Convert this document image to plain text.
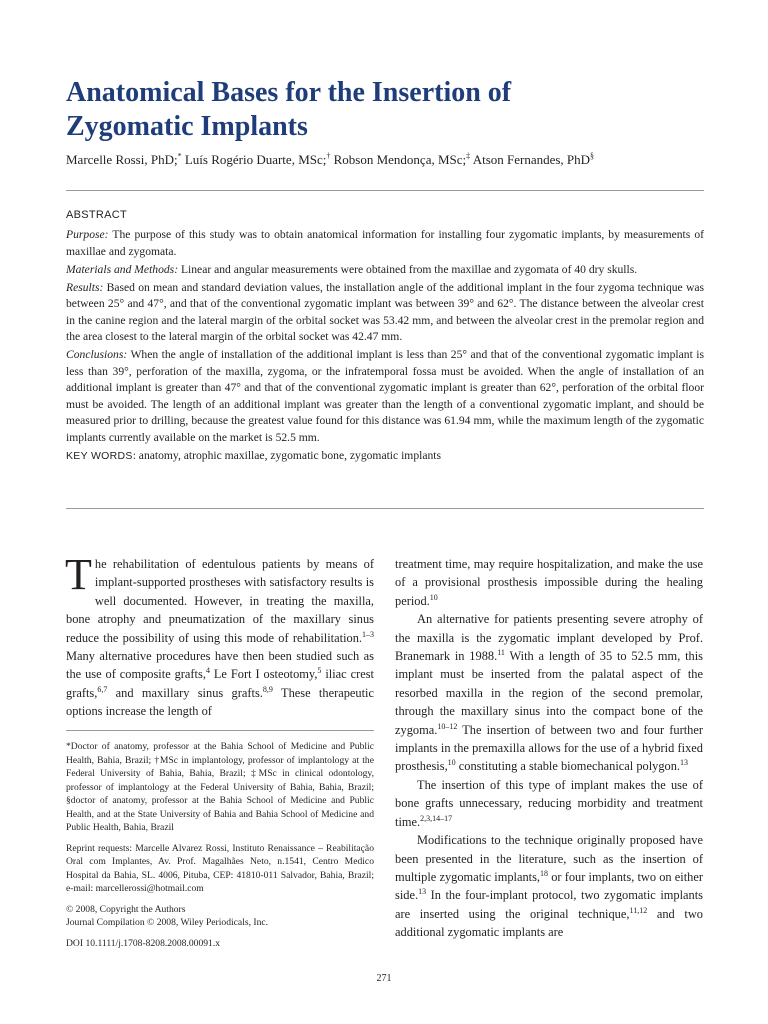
Anatomical Bases for the Insertion of
Zygomatic Implants
Marcelle Rossi, PhD;* Luís Rogério Duarte, MSc;† Robson Mendonça, MSc;‡ Atson Fernandes, PhD§
ABSTRACT

Purpose: The purpose of this study was to obtain anatomical information for installing four zygomatic implants, by measurements of maxillae and zygomata.

Materials and Methods: Linear and angular measurements were obtained from the maxillae and zygomata of 40 dry skulls.

Results: Based on mean and standard deviation values, the installation angle of the additional implant in the four zygoma technique was between 25° and 47°, and that of the conventional zygomatic implant was between 39° and 62°. The distance between the alveolar crest in the canine region and the lateral margin of the orbital socket was 53.42 mm, and between the alveolar crest in the premolar region and the area closest to the lateral margin of the orbital socket was 42.47 mm.

Conclusions: When the angle of installation of the additional implant is less than 25° and that of the conventional zygomatic implant is less than 39°, perforation of the maxilla, zygoma, or the infratemporal fossa must be avoided. When the angle of installation of an additional implant is greater than 47° and that of the conventional zygomatic implant is greater than 62°, perforation of the orbital floor must be avoided. The length of an additional implant was greater than the length of a conventional zygomatic implant, and should be measured prior to drilling, because the greatest value found for this distance was 61.94 mm, while the maximum length of the zygomatic implants currently available on the market is 52.5 mm.

KEY WORDS: anatomy, atrophic maxillae, zygomatic bone, zygomatic implants

The rehabilitation of edentulous patients by means of implant-supported prostheses with satisfactory results is well documented. However, in treating the maxilla, bone atrophy and pneumatization of the maxillary sinus reduce the possibility of using this mode of rehabilitation.$^{1-3}$ Many alternative procedures have then been studied such as the use of composite grafts,$^4$ Le Fort I osteotomy,$^5$ iliac crest grafts,$^{6,7}$ and maxillary sinus grafts.$^{8,9}$ These therapeutic options increase the length of

*Doctor of anatomy, professor at the Bahia School of Medicine and Public Health, Bahia, Brazil; †MSc in implantology, professor of implantology at the Federal University of Bahia, Bahia, Brazil; ‡MSc in clinical odontology, professor of implantology at the Federal University of Bahia, Bahia, Brazil; §doctor of anatomy, professor at the Bahia School of Medicine and Public Health, and at the State University of Bahia and Bahia School of Medicine and Public Health, Bahia, Brazil

Reprint requests: Marcelle Alvarez Rossi, Instituto Renaissance – Reabilitação Oral com Implantes, Av. Prof. Magalhães Neto, n.1541, Centro Medico Hospital da Bahia, SL. 4006, Pituba, CEP: 41810-011 Salvador, Bahia, Brazil; e-mail: marcellerossi@hotmail.com

© 2008, Copyright the Authors

Journal Compilation © 2008, Wiley Periodicals, Inc.

DOI 10.1111/j.1708-8208.2008.00091.x

treatment time, may require hospitalization, and make the use of a provisional prosthesis impossible during the healing period.$^{10}$

An alternative for patients presenting severe atrophy of the maxilla is the zygomatic implant developed by Prof. Branemark in 1988.11 With a length of 35 to 52.5 mm, this implant must be inserted from the palatal aspect of the resorbed maxilla in the region of the second premolar, through the maxillary sinus into the compact bone of the zygoma.$^{10-12}$ The insertion of between two and four further implants in the premaxilla allows for the use of a hybrid fixed prosthesis,$^{10}$ constituting a stable biomechanical polygon.$^{13}$

The insertion of this type of implant makes the use of bone grafts unnecessary, reducing morbidity and treatment time.$^{2,3,14-17}$

Modifications to the technique originally proposed have been presented in the literature, such as the insertion of multiple zygomatic implants,$^{18}$ or four implants, two on either side.$^{13}$ In the four-implant protocol, two zygomatic implants are inserted using the original technique,$^{11,12}$ and two additional zygomatic implants are

271
